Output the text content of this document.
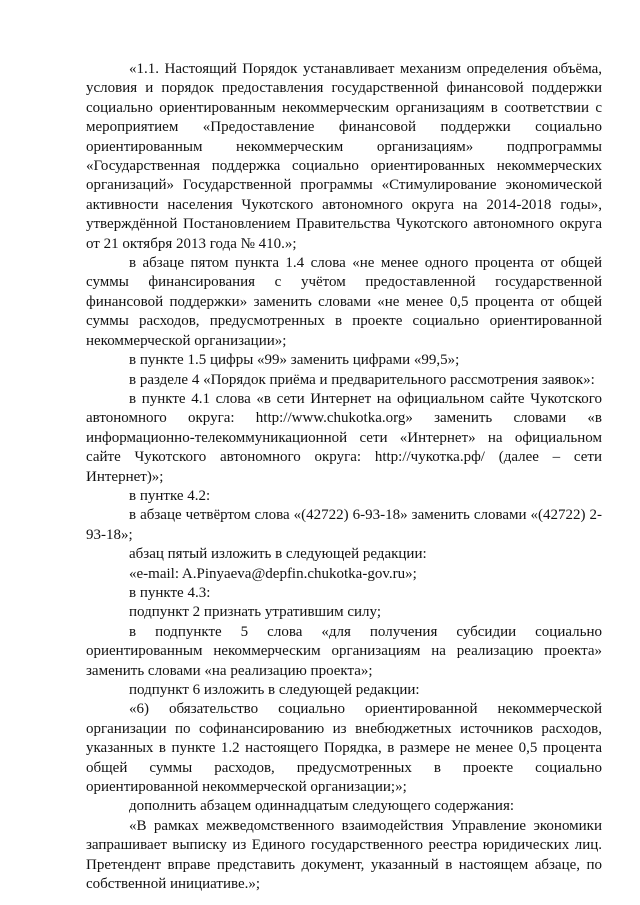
«1.1. Настоящий Порядок устанавливает механизм определения объёма, условия и порядок предоставления государственной финансовой поддержки социально ориентированным некоммерческим организациям в соответствии с мероприятием «Предоставление финансовой поддержки социально ориентированным некоммерческим организациям» подпрограммы «Государственная поддержка социально ориентированных некоммерческих организаций» Государственной программы «Стимулирование экономической активности населения Чукотского автономного округа на 2014-2018 годы», утверждённой Постановлением Правительства Чукотского автономного округа от 21 октября 2013 года № 410.»;

в абзаце пятом пункта 1.4 слова «не менее одного процента от общей суммы финансирования с учётом предоставленной государственной финансовой поддержки» заменить словами «не менее 0,5 процента от общей суммы расходов, предусмотренных в проекте социально ориентированной некоммерческой организации»;

в пункте 1.5 цифры «99» заменить цифрами «99,5»;

в разделе 4 «Порядок приёма и предварительного рассмотрения заявок»:

в пункте 4.1 слова «в сети Интернет на официальном сайте Чукотского автономного округа: http://www.chukotka.org» заменить словами «в информационно-телекоммуникационной сети «Интернет» на официальном сайте Чукотского автономного округа: http://чукотка.рф/ (далее – сети Интернет)»;

в пунтке 4.2:

в абзаце четвёртом слова «(42722) 6-93-18» заменить словами «(42722) 2-93-18»;

абзац пятый изложить в следующей редакции:

«e-mail: A.Pinyaeva@depfin.chukotka-gov.ru»;

в пункте 4.3:

подпункт 2 признать утратившим силу;

в подпункте 5 слова «для получения субсидии социально ориентированным некоммерческим организациям на реализацию проекта» заменить словами «на реализацию проекта»;

подпункт 6 изложить в следующей редакции:

«6) обязательство социально ориентированной некоммерческой организации по софинансированию из внебюджетных источников расходов, указанных в пункте 1.2 настоящего Порядка, в размере не менее 0,5 процента общей суммы расходов, предусмотренных в проекте социально ориентированной некоммерческой организации;»;

дополнить абзацем одиннадцатым следующего содержания:

«В рамках межведомственного взаимодействия Управление экономики запрашивает выписку из Единого государственного реестра юридических лиц. Претендент вправе представить документ, указанный в настоящем абзаце, по собственной инициативе.»;
